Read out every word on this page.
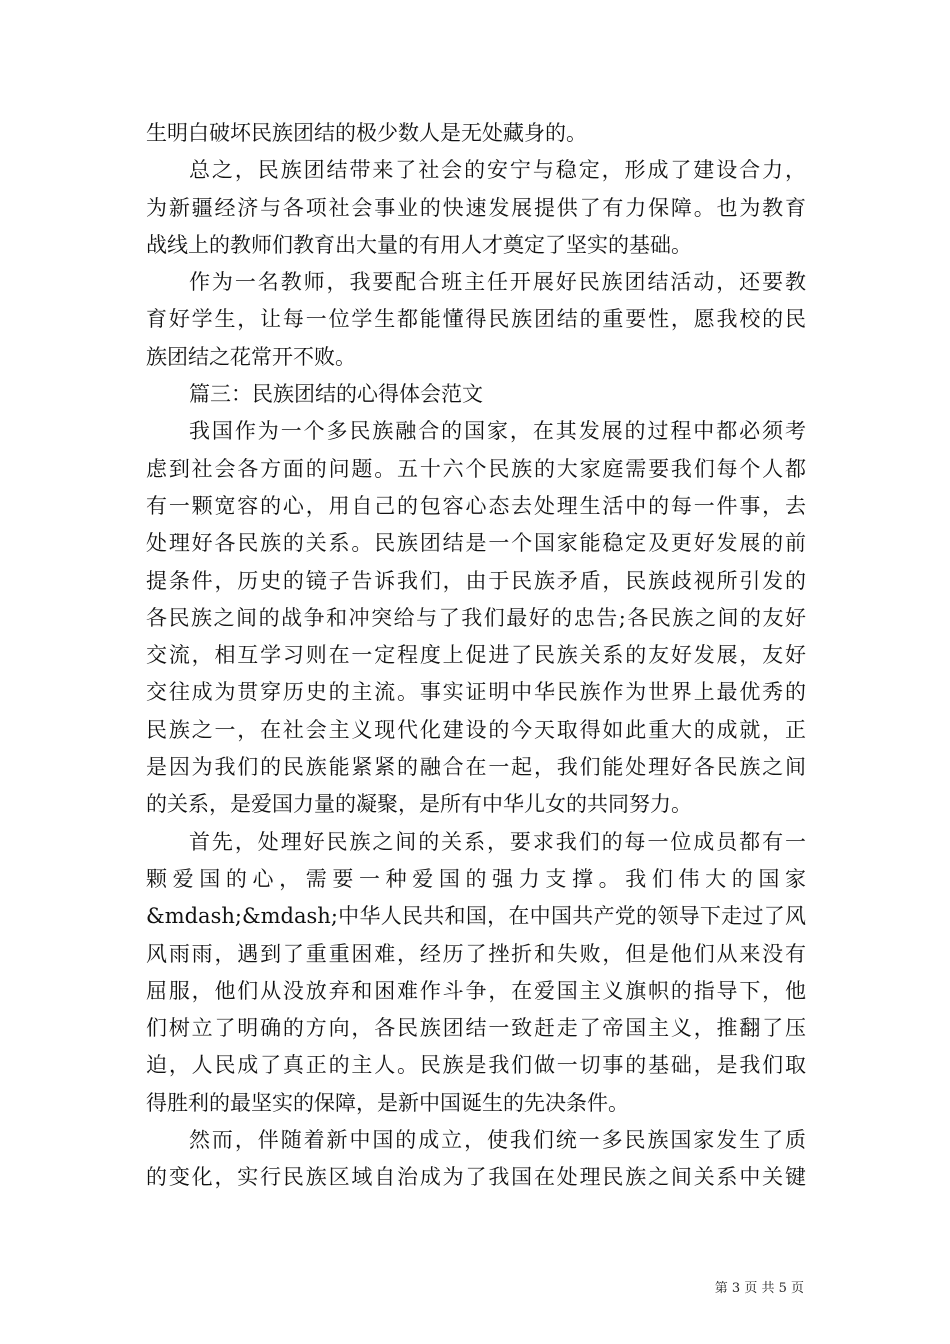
生明白破坏民族团结的极少数人是无处藏身的。
总之，民族团结带来了社会的安宁与稳定，形成了建设合力，
为新疆经济与各项社会事业的快速发展提供了有力保障。也为教育
战线上的教师们教育出大量的有用人才奠定了坚实的基础。
作为一名教师，我要配合班主任开展好民族团结活动，还要教
育好学生，让每一位学生都能懂得民族团结的重要性，愿我校的民
族团结之花常开不败。
篇三：民族团结的心得体会范文
我国作为一个多民族融合的国家，在其发展的过程中都必须考
虑到社会各方面的问题。五十六个民族的大家庭需要我们每个人都
有一颗宽容的心，用自己的包容心态去处理生活中的每一件事，去
处理好各民族的关系。民族团结是一个国家能稳定及更好发展的前
提条件，历史的镜子告诉我们，由于民族矛盾，民族歧视所引发的
各民族之间的战争和冲突给与了我们最好的忠告;各民族之间的友好
交流，相互学习则在一定程度上促进了民族关系的友好发展，友好
交往成为贯穿历史的主流。事实证明中华民族作为世界上最优秀的
民族之一，在社会主义现代化建设的今天取得如此重大的成就，正
是因为我们的民族能紧紧的融合在一起，我们能处理好各民族之间
的关系，是爱国力量的凝聚，是所有中华儿女的共同努力。
首先，处理好民族之间的关系，要求我们的每一位成员都有一
颗爱国的心，需要一种爱国的强力支撑。我们伟大的国家
&mdash;&mdash;中华人民共和国，在中国共产党的领导下走过了风
风雨雨，遇到了重重困难，经历了挫折和失败，但是他们从来没有
屈服，他们从没放弃和困难作斗争，在爱国主义旗帜的指导下，他
们树立了明确的方向，各民族团结一致赶走了帝国主义，推翻了压
迫，人民成了真正的主人。民族是我们做一切事的基础，是我们取
得胜利的最坚实的保障，是新中国诞生的先决条件。
然而，伴随着新中国的成立，使我们统一多民族国家发生了质
的变化，实行民族区域自治成为了我国在处理民族之间关系中关键
第 3 页 共 5 页
